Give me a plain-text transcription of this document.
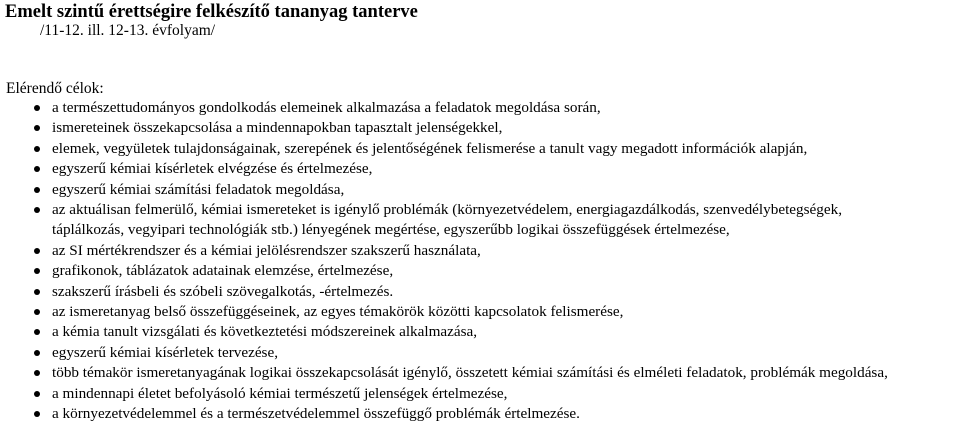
Emelt szintű érettségire felkészítő tananyag tanterve
/11-12. ill. 12-13. évfolyam/
Elérendő célok:
a természettudományos gondolkodás elemeinek alkalmazása a feladatok megoldása során,
ismereteinek összekapcsolása a mindennapokban tapasztalt jelenségekkel,
elemek, vegyületek tulajdonságainak, szerepének és jelentőségének felismerése a tanult vagy megadott információk alapján,
egyszerű kémiai kísérletek elvégzése és értelmezése,
egyszerű kémiai számítási feladatok megoldása,
az aktuálisan felmerülő, kémiai ismereteket is igénylő problémák (környezetvédelem, energiagazdálkodás, szenvedélybetegségek,
táplálkozás, vegyipari technológiák stb.) lényegének megértése, egyszerűbb logikai összefüggések értelmezése,
az SI mértékrendszer és a kémiai jelölésrendszer szakszerű használata,
grafikonok, táblázatok adatainak elemzése, értelmezése,
szakszerű írásbeli és szóbeli szövegalkotás, -értelmezés.
az ismeretanyag belső összefüggéseinek, az egyes témakörök közötti kapcsolatok felismerése,
a kémia tanult vizsgálati és következtetési módszereinek alkalmazása,
egyszerű kémiai kísérletek tervezése,
több témakör ismeretanyagának logikai összekapcsolását igénylő, összetett kémiai számítási és elméleti feladatok, problémák megoldása,
a mindennapi életet befolyásoló kémiai természetű jelenségek értelmezése,
a környezetvédelemmel és a természetvédelemmel összefüggő problémák értelmezése.
